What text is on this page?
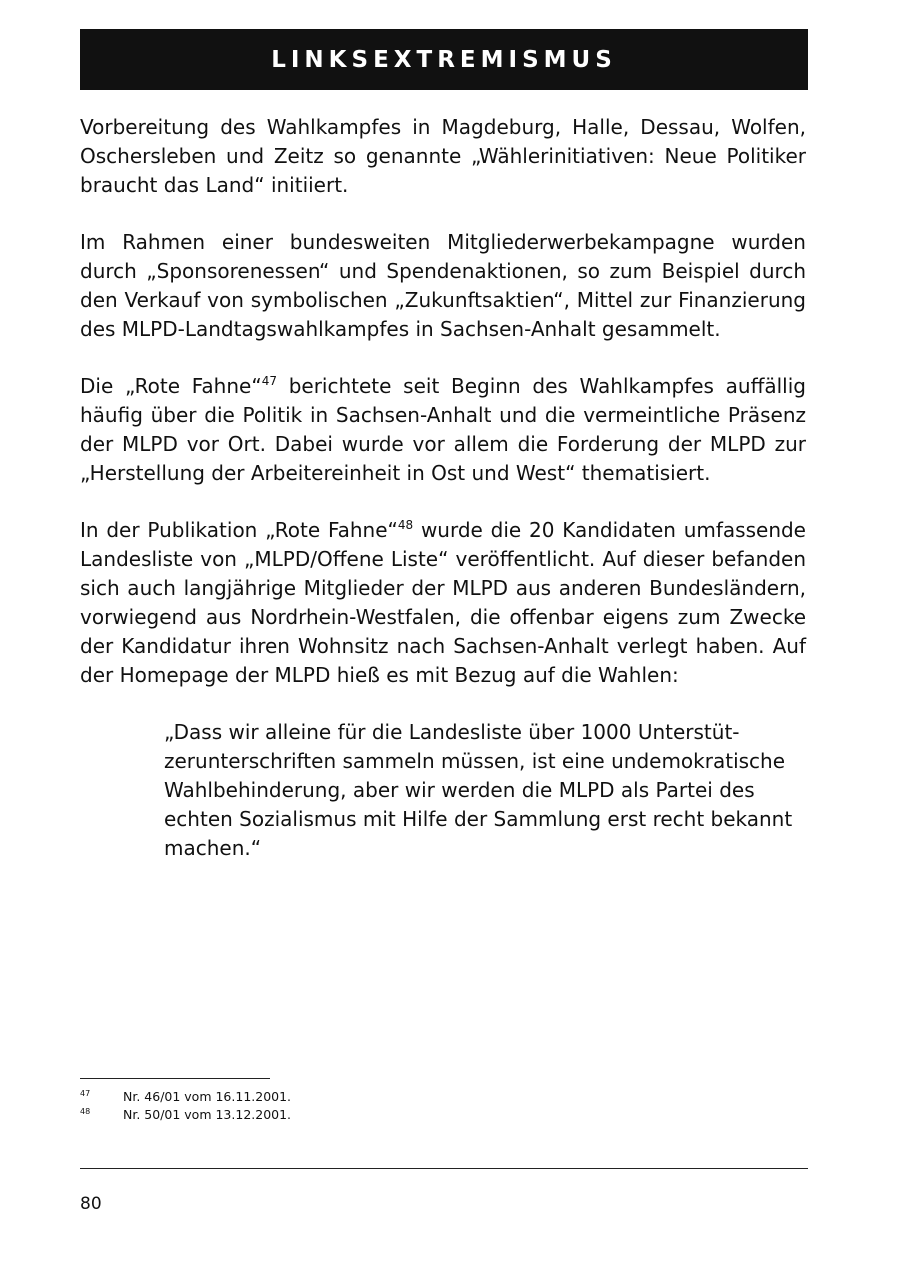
LINKSEXTREMISMUS

Vorbereitung des Wahlkampfes in Magdeburg, Halle, Dessau, Wolfen, Oschersleben und Zeitz so genannte „Wählerinitiativen: Neue Politiker braucht das Land“ initiiert.

Im Rahmen einer bundesweiten Mitgliederwerbekampagne wurden durch „Sponsorenessen“ und Spendenaktionen, so zum Beispiel durch den Verkauf von symbolischen „Zukunftsaktien“, Mittel zur Finanzierung des MLPD-Landtagswahlkampfes in Sachsen-Anhalt gesammelt.

Die „Rote Fahne“$^{47}$ berichtete seit Beginn des Wahlkampfes auffällig häufig über die Politik in Sachsen-Anhalt und die vermeintliche Präsenz der MLPD vor Ort. Dabei wurde vor allem die Forderung der MLPD zur „Herstellung der Arbeitereinheit in Ost und West“ thematisiert.

In der Publikation „Rote Fahne“$^{48}$ wurde die 20 Kandidaten umfassende Landesliste von „MLPD/Offene Liste“ veröffentlicht. Auf dieser befanden sich auch langjährige Mitglieder der MLPD aus anderen Bundesländern, vorwiegend aus Nordrhein-Westfalen, die offenbar eigens zum Zwecke der Kandidatur ihren Wohnsitz nach Sachsen-Anhalt verlegt haben. Auf der Homepage der MLPD hieß es mit Bezug auf die Wahlen:

„Dass wir alleine für die Landesliste über 1000 Unterstützerunterschriften sammeln müssen, ist eine undemokratische Wahlbehinderung, aber wir werden die MLPD als Partei des echten Sozialismus mit Hilfe der Sammlung erst recht bekannt machen.“

47	Nr. 46/01 vom 16.11.2001.
48	Nr. 50/01 vom 13.12.2001.
80
